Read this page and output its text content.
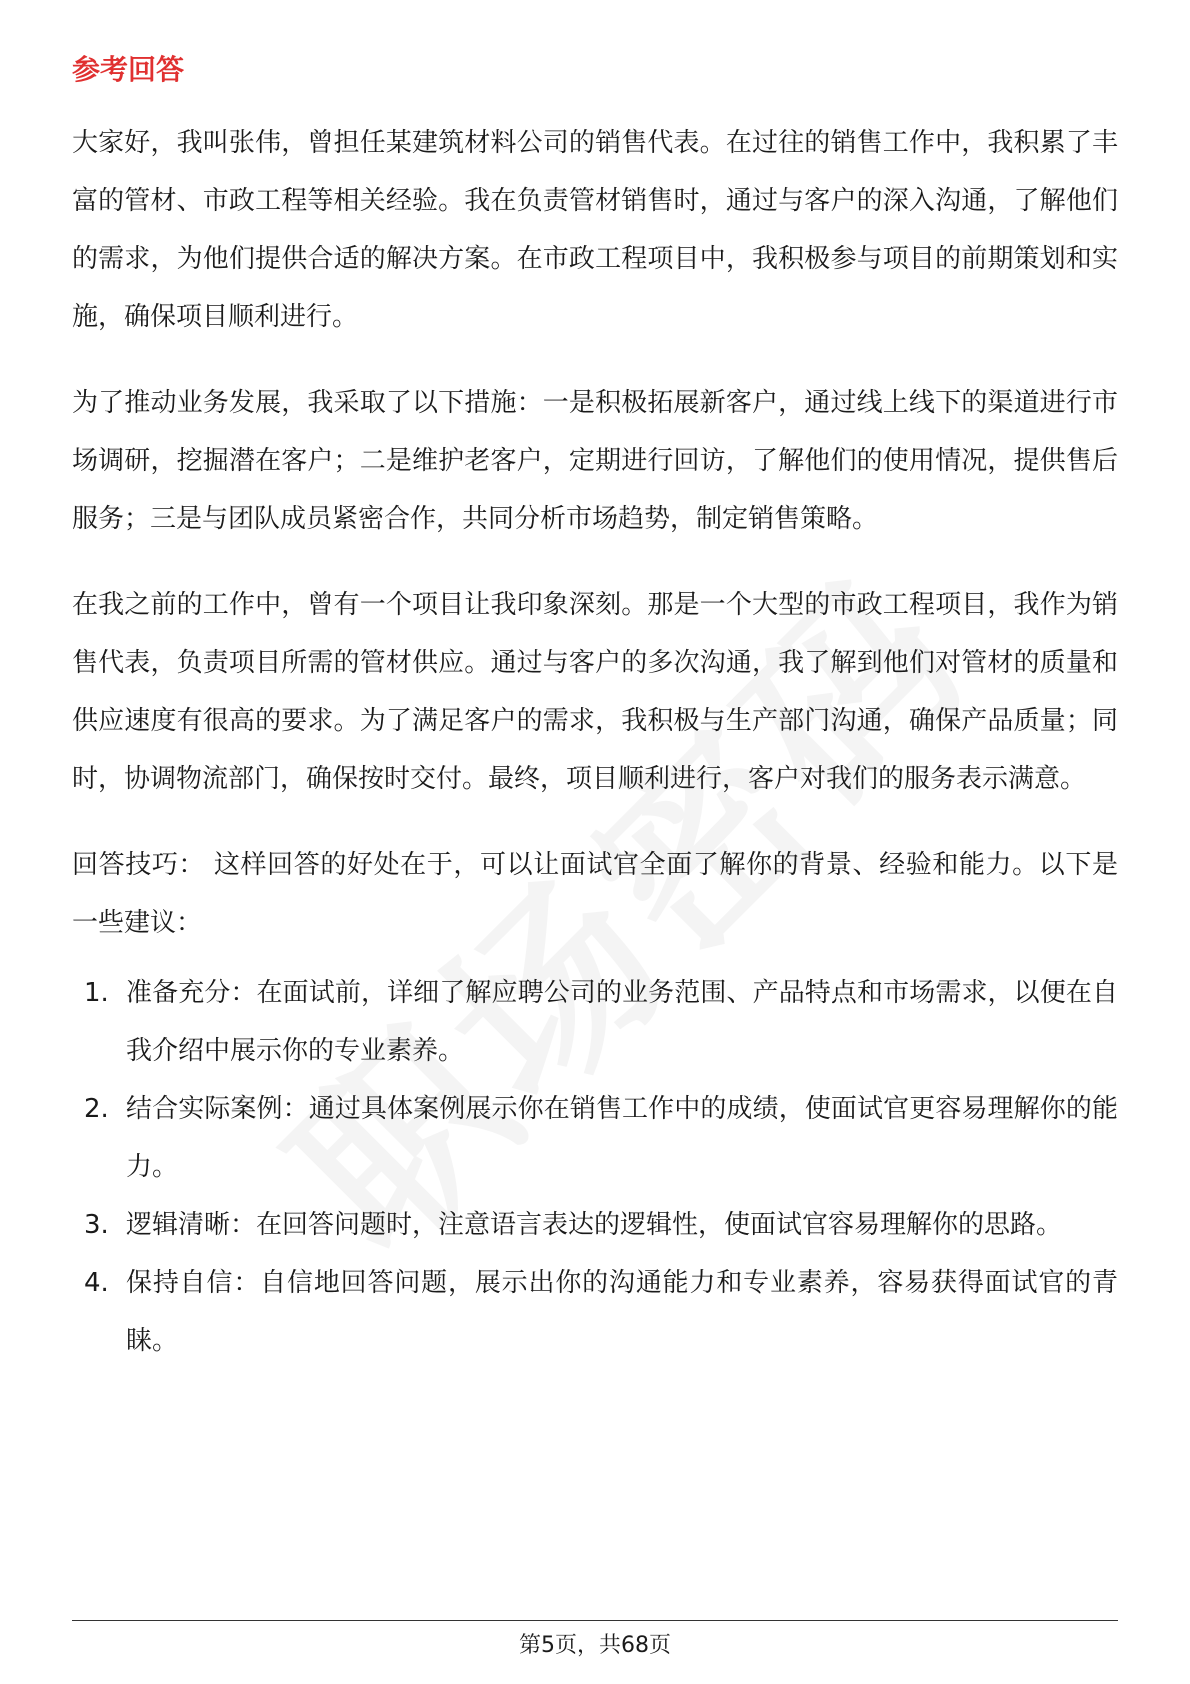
参考回答

大家好，我叫张伟，曾担任某建筑材料公司的销售代表。在过往的销售工作中，我积累了丰富的管材、市政工程等相关经验。我在负责管材销售时，通过与客户的深入沟通，了解他们的需求，为他们提供合适的解决方案。在市政工程项目中，我积极参与项目的前期策划和实施，确保项目顺利进行。

为了推动业务发展，我采取了以下措施：一是积极拓展新客户，通过线上线下的渠道进行市场调研，挖掘潜在客户；二是维护老客户，定期进行回访，了解他们的使用情况，提供售后服务；三是与团队成员紧密合作，共同分析市场趋势，制定销售策略。

在我之前的工作中，曾有一个项目让我印象深刻。那是一个大型的市政工程项目，我作为销售代表，负责项目所需的管材供应。通过与客户的多次沟通，我了解到他们对管材的质量和供应速度有很高的要求。为了满足客户的需求，我积极与生产部门沟通，确保产品质量；同时，协调物流部门，确保按时交付。最终，项目顺利进行，客户对我们的服务表示满意。

回答技巧： 这样回答的好处在于，可以让面试官全面了解你的背景、经验和能力。以下是一些建议：

1. 准备充分：在面试前，详细了解应聘公司的业务范围、产品特点和市场需求，以便在自我介绍中展示你的专业素养。
2. 结合实际案例：通过具体案例展示你在销售工作中的成绩，使面试官更容易理解你的能力。
3. 逻辑清晰：在回答问题时，注意语言表达的逻辑性，使面试官容易理解你的思路。
4. 保持自信：自信地回答问题，展示出你的沟通能力和专业素养，容易获得面试官的青睐。
第5页，共68页
